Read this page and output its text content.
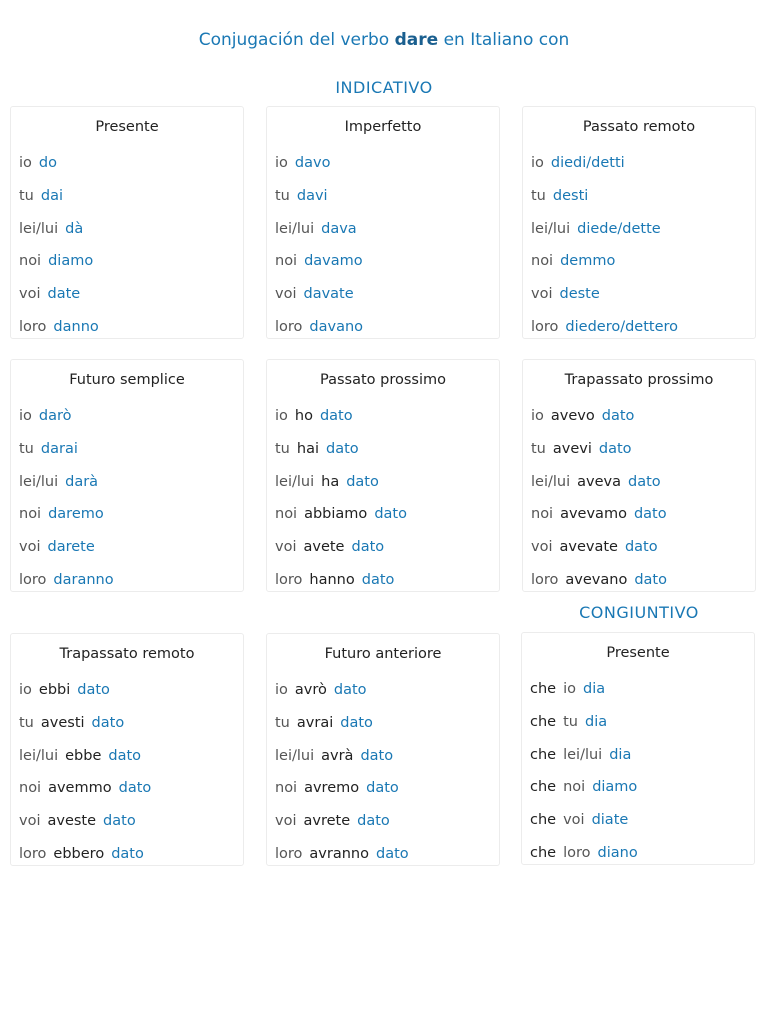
Conjugación del verbo dare en Italiano con
INDICATIVO
Presente
io do
tu dai
lei/lui dà
noi diamo
voi date
loro danno
Imperfetto
io davo
tu davi
lei/lui dava
noi davamo
voi davate
loro davano
Passato remoto
io diedi/detti
tu desti
lei/lui diede/dette
noi demmo
voi deste
loro diedero/dettero
Futuro semplice
io darò
tu darai
lei/lui darà
noi daremo
voi darete
loro daranno
Passato prossimo
io ho dato
tu hai dato
lei/lui ha dato
noi abbiamo dato
voi avete dato
loro hanno dato
Trapassato prossimo
io avevo dato
tu avevi dato
lei/lui aveva dato
noi avevamo dato
voi avevate dato
loro avevano dato
CONGIUNTIVO
Trapassato remoto
io ebbi dato
tu avesti dato
lei/lui ebbe dato
noi avemmo dato
voi aveste dato
loro ebbero dato
Futuro anteriore
io avrò dato
tu avrai dato
lei/lui avrà dato
noi avremo dato
voi avrete dato
loro avranno dato
Presente
che io dia
che tu dia
che lei/lui dia
che noi diamo
che voi diate
che loro diano
